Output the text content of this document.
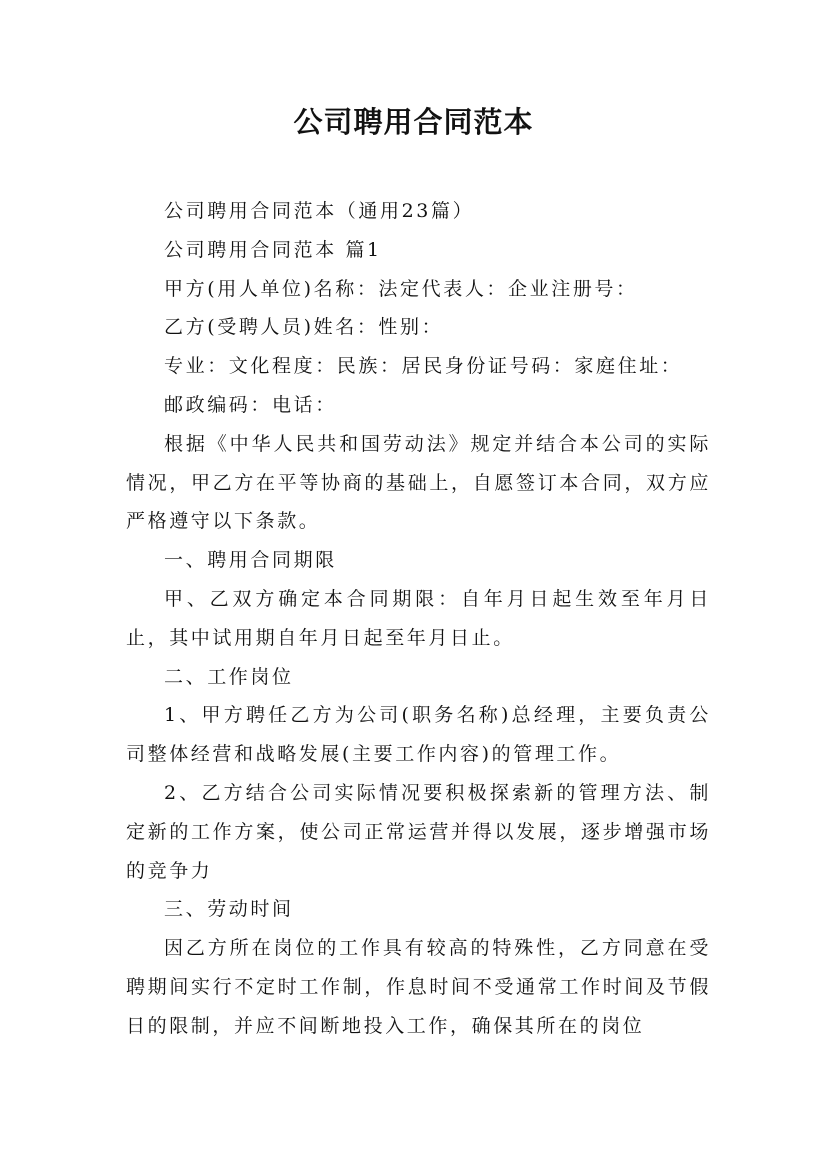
公司聘用合同范本

公司聘用合同范本（通用23篇）

公司聘用合同范本 篇1

甲方(用人单位)名称：法定代表人：企业注册号：

乙方(受聘人员)姓名：性别：

专业：文化程度：民族：居民身份证号码：家庭住址：

邮政编码：电话：

根据《中华人民共和国劳动法》规定并结合本公司的实际情况，甲乙方在平等协商的基础上，自愿签订本合同，双方应严格遵守以下条款。

一、聘用合同期限

甲、乙双方确定本合同期限：自年月日起生效至年月日止，其中试用期自年月日起至年月日止。

二、工作岗位

1、甲方聘任乙方为公司(职务名称)总经理，主要负责公司整体经营和战略发展(主要工作内容)的管理工作。

2、乙方结合公司实际情况要积极探索新的管理方法、制定新的工作方案，使公司正常运营并得以发展，逐步增强市场的竞争力

三、劳动时间

因乙方所在岗位的工作具有较高的特殊性，乙方同意在受聘期间实行不定时工作制，作息时间不受通常工作时间及节假日的限制，并应不间断地投入工作，确保其所在的岗位
